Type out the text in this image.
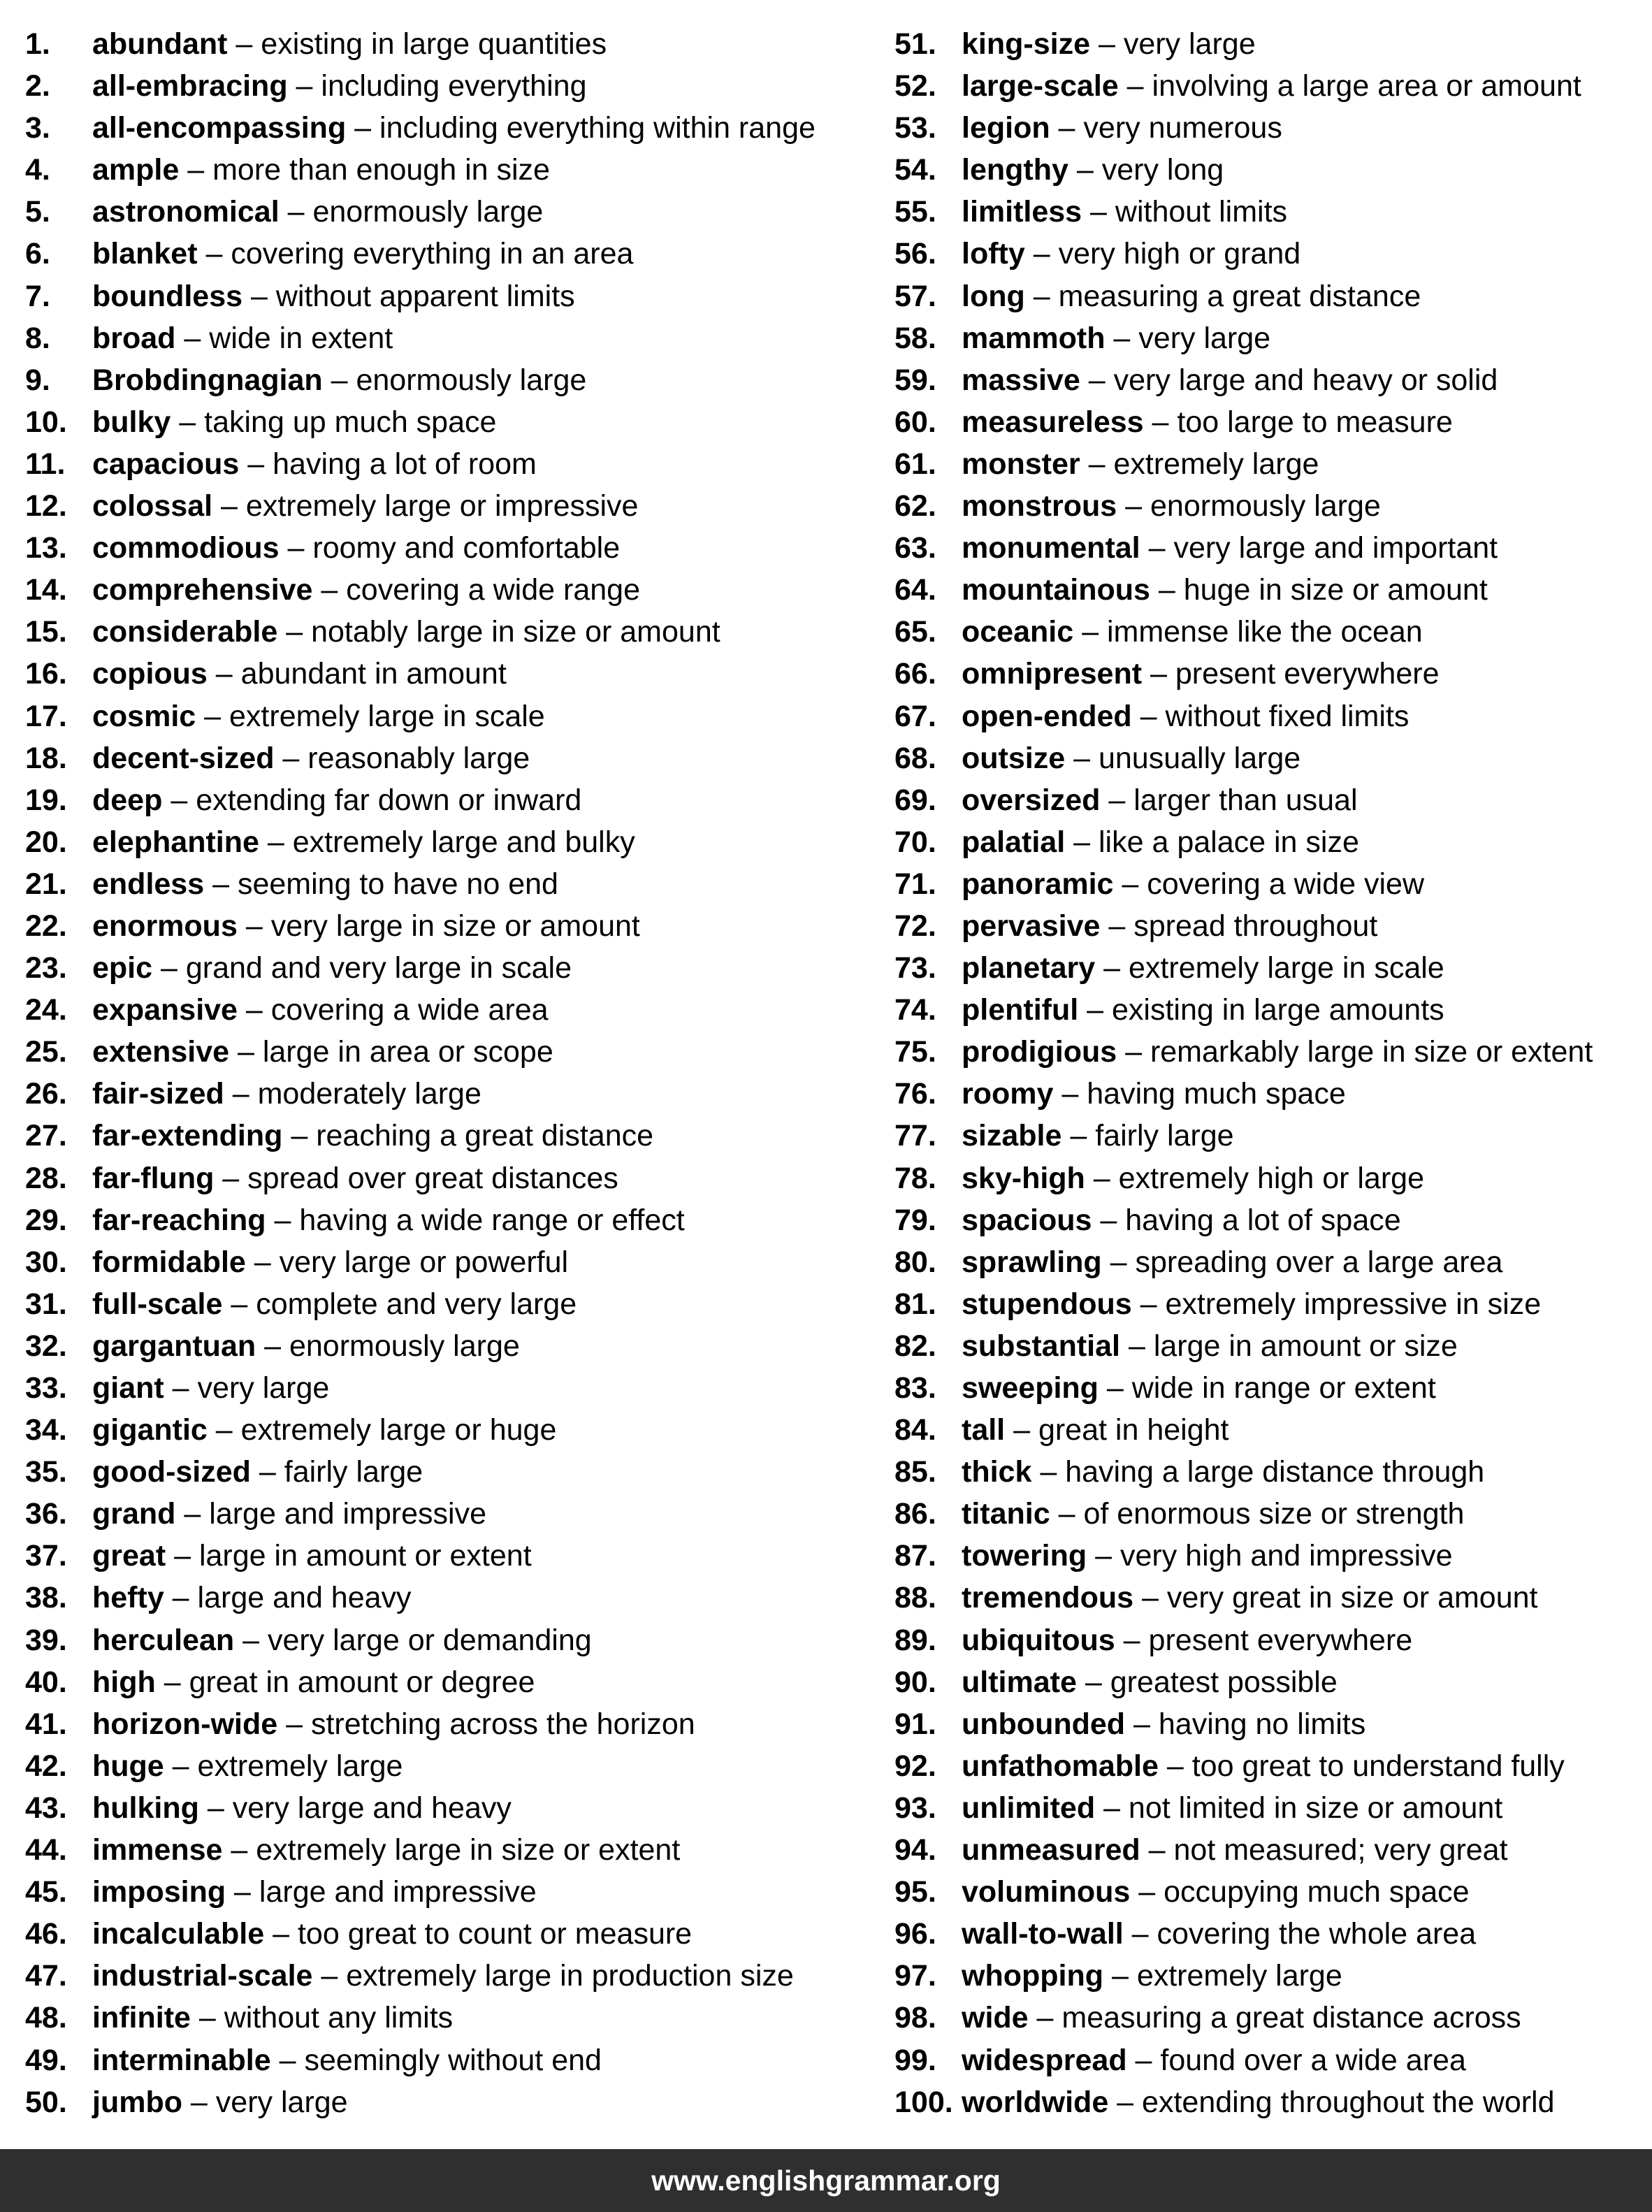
1. abundant – existing in large quantities
2. all-embracing – including everything
3. all-encompassing – including everything within range
4. ample – more than enough in size
5. astronomical – enormously large
6. blanket – covering everything in an area
7. boundless – without apparent limits
8. broad – wide in extent
9. Brobdingnagian – enormously large
10. bulky – taking up much space
11. capacious – having a lot of room
12. colossal – extremely large or impressive
13. commodious – roomy and comfortable
14. comprehensive – covering a wide range
15. considerable – notably large in size or amount
16. copious – abundant in amount
17. cosmic – extremely large in scale
18. decent-sized – reasonably large
19. deep – extending far down or inward
20. elephantine – extremely large and bulky
21. endless – seeming to have no end
22. enormous – very large in size or amount
23. epic – grand and very large in scale
24. expansive – covering a wide area
25. extensive – large in area or scope
26. fair-sized – moderately large
27. far-extending – reaching a great distance
28. far-flung – spread over great distances
29. far-reaching – having a wide range or effect
30. formidable – very large or powerful
31. full-scale – complete and very large
32. gargantuan – enormously large
33. giant – very large
34. gigantic – extremely large or huge
35. good-sized – fairly large
36. grand – large and impressive
37. great – large in amount or extent
38. hefty – large and heavy
39. herculean – very large or demanding
40. high – great in amount or degree
41. horizon-wide – stretching across the horizon
42. huge – extremely large
43. hulking – very large and heavy
44. immense – extremely large in size or extent
45. imposing – large and impressive
46. incalculable – too great to count or measure
47. industrial-scale – extremely large in production size
48. infinite – without any limits
49. interminable – seemingly without end
50. jumbo – very large
51. king-size – very large
52. large-scale – involving a large area or amount
53. legion – very numerous
54. lengthy – very long
55. limitless – without limits
56. lofty – very high or grand
57. long – measuring a great distance
58. mammoth – very large
59. massive – very large and heavy or solid
60. measureless – too large to measure
61. monster – extremely large
62. monstrous – enormously large
63. monumental – very large and important
64. mountainous – huge in size or amount
65. oceanic – immense like the ocean
66. omnipresent – present everywhere
67. open-ended – without fixed limits
68. outsize – unusually large
69. oversized – larger than usual
70. palatial – like a palace in size
71. panoramic – covering a wide view
72. pervasive – spread throughout
73. planetary – extremely large in scale
74. plentiful – existing in large amounts
75. prodigious – remarkably large in size or extent
76. roomy – having much space
77. sizable – fairly large
78. sky-high – extremely high or large
79. spacious – having a lot of space
80. sprawling – spreading over a large area
81. stupendous – extremely impressive in size
82. substantial – large in amount or size
83. sweeping – wide in range or extent
84. tall – great in height
85. thick – having a large distance through
86. titanic – of enormous size or strength
87. towering – very high and impressive
88. tremendous – very great in size or amount
89. ubiquitous – present everywhere
90. ultimate – greatest possible
91. unbounded – having no limits
92. unfathomable – too great to understand fully
93. unlimited – not limited in size or amount
94. unmeasured – not measured; very great
95. voluminous – occupying much space
96. wall-to-wall – covering the whole area
97. whopping – extremely large
98. wide – measuring a great distance across
99. widespread – found over a wide area
100. worldwide – extending throughout the world
www.englishgrammar.org
